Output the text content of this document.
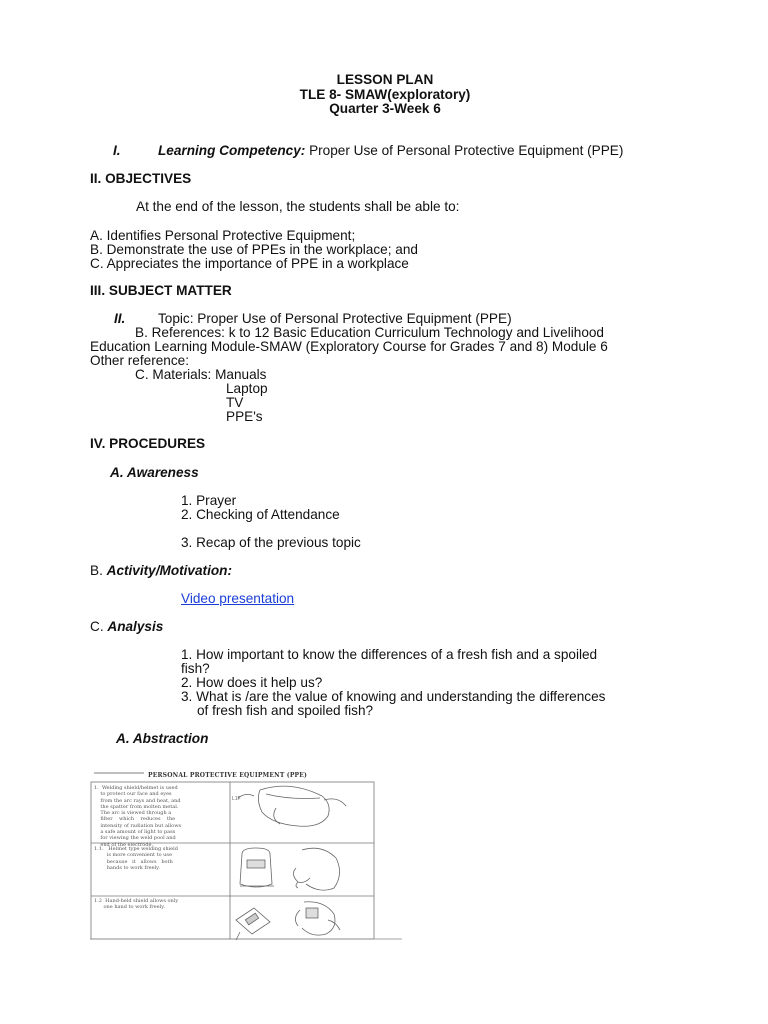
LESSON PLAN
TLE 8- SMAW(exploratory)
Quarter 3-Week 6
I.	Learning Competency: Proper Use of Personal Protective Equipment (PPE)
II. OBJECTIVES
At the end of the lesson, the students shall be able to:
A. Identifies Personal Protective Equipment;
B. Demonstrate the use of PPEs in the workplace; and
C. Appreciates the importance of PPE in a workplace
III. SUBJECT MATTER
II. Topic: Proper Use of Personal Protective Equipment (PPE)
B. References: k to 12 Basic Education Curriculum Technology and Livelihood
Education Learning Module-SMAW (Exploratory Course for Grades 7 and 8) Module 6
Other reference:
C. Materials: Manuals
Laptop
TV
PPE's
IV. PROCEDURES
A. Awareness
1. Prayer
2. Checking of Attendance
3. Recap of the previous topic
B. Activity/Motivation:
Video presentation
C. Analysis
1. How important to know the differences of a fresh fish and a spoiled
fish?
2. How does it help us?
3. What is /are the value of knowing and understanding the differences
of fresh fish and spoiled fish?
A. Abstraction
L1F
PERSONAL PROTECTIVE EQUIPMENT (PPE)
1.  Welding shield/helmet is used
to protect our face and eyes
from the arc rays and heat, and
the spatter from molten metal.
The arc is viewed through a
filter    which    reduces    the
intensity of radiation but allows
a safe amount of light to pass
for viewing the weld pool and
end of the electrode.
1.1.   Helmet type welding shield
is more convenient to use
because   it   allows   both
hands to work freely.
1.2  Hand-held shield allows only
one hand to work freely.
